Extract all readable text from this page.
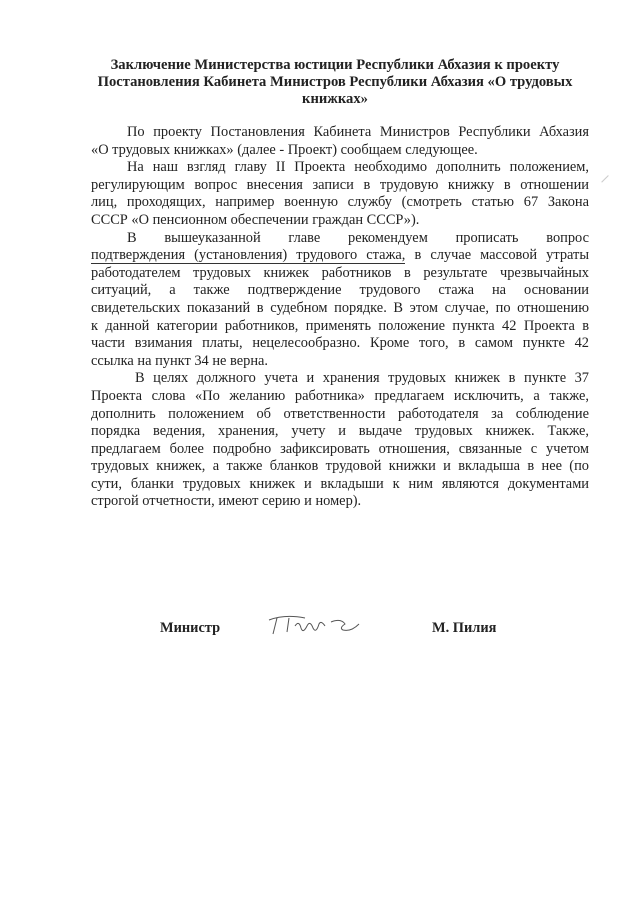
Заключение Министерства юстиции Республики Абхазия к проекту
Постановления Кабинета Министров Республики Абхазия «О трудовых
книжках»
По проекту Постановления Кабинета Министров Республики Абхазия
«О трудовых книжках» (далее - Проект) сообщаем следующее.
На наш взгляд главу II Проекта необходимо дополнить положением,
регулирующим вопрос внесения записи в трудовую книжку в отношении
лиц, проходящих, например военную службу (смотреть статью 67 Закона
СССР «О пенсионном обеспечении граждан СССР»).
В вышеуказанной главе рекомендуем прописать вопрос
подтверждения (установления) трудового стажа, в случае массовой утраты
работодателем трудовых книжек работников в результате чрезвычайных
ситуаций, а также подтверждение трудового стажа на основании
свидетельских показаний в судебном порядке. В этом случае, по отношению
к данной категории работников, применять положение пункта 42 Проекта в
части взимания платы, нецелесообразно. Кроме того, в самом пункте 42
ссылка на пункт 34 не верна.
В целях должного учета и хранения трудовых книжек в пункте 37
Проекта слова «По желанию работника» предлагаем исключить, а также,
дополнить положением об ответственности работодателя за соблюдение
порядка ведения, хранения, учету и выдаче трудовых книжек. Также,
предлагаем более подробно зафиксировать отношения, связанные с учетом
трудовых книжек, а также бланков трудовой книжки и вкладыша в нее (по
сути, бланки трудовых книжек и вкладыши к ним являются документами
строгой отчетности, имеют серию и номер).
⸝
Министр	М. Пилия
